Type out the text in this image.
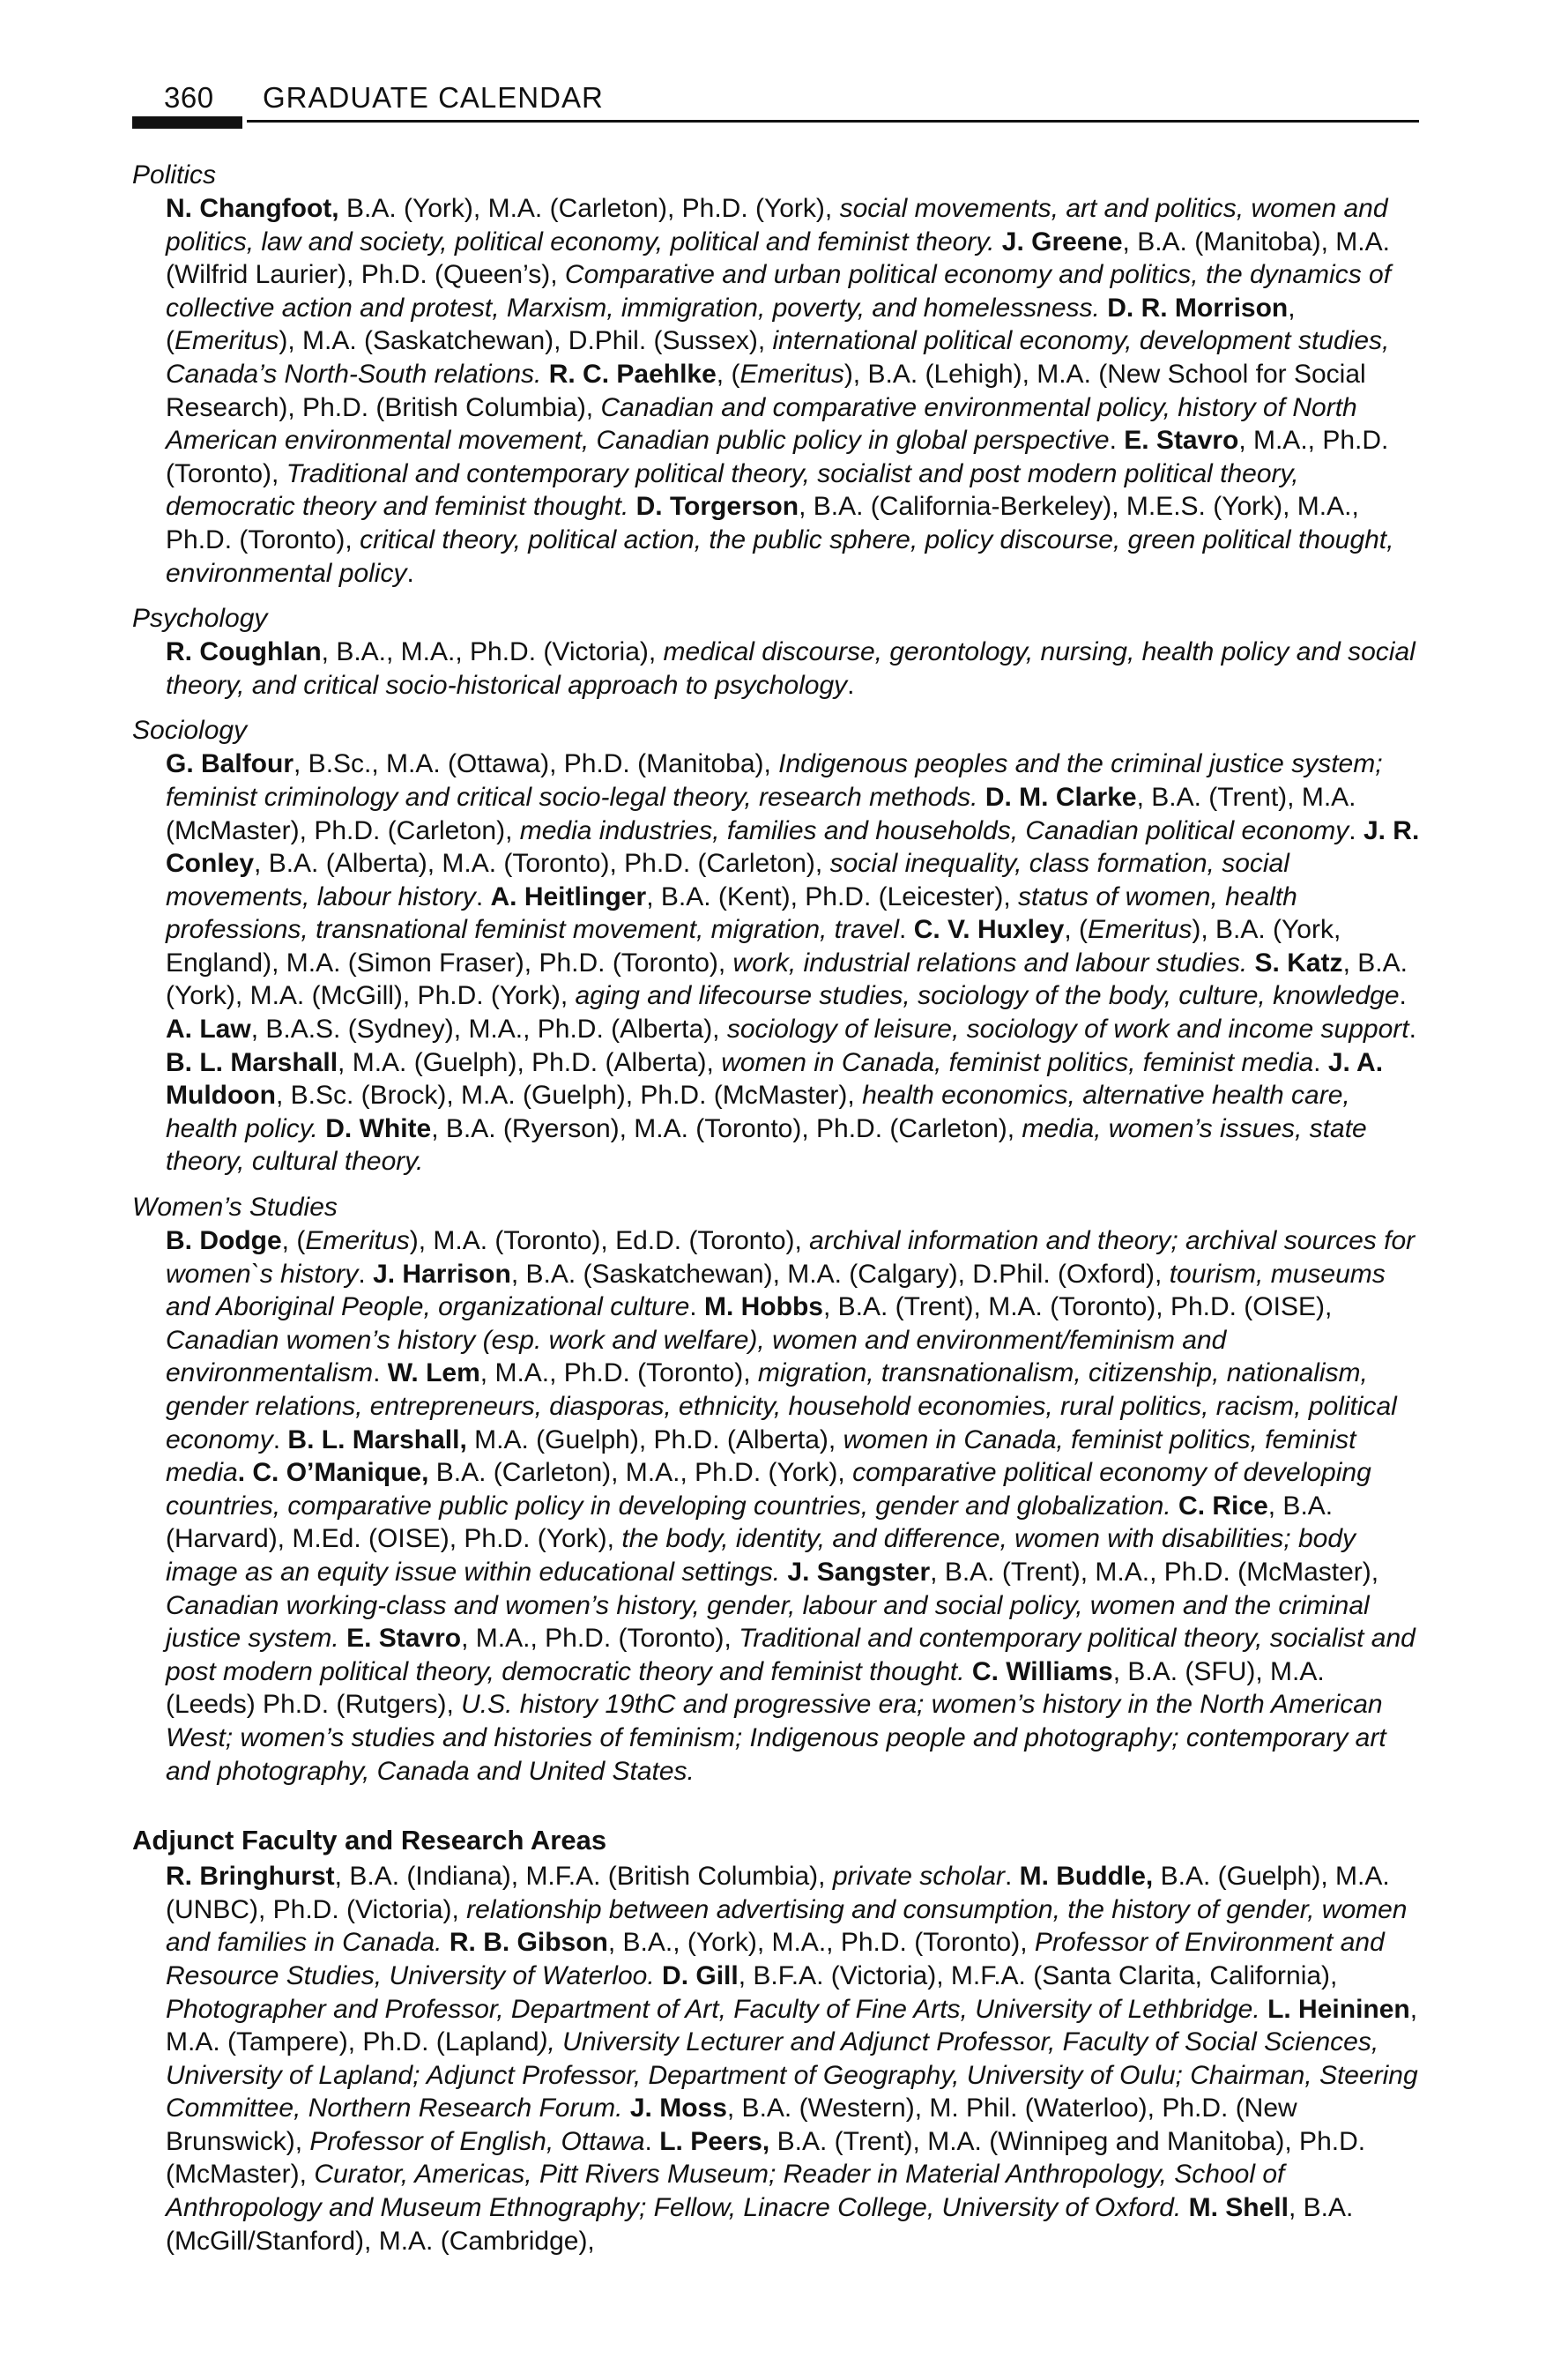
360 GRADUATE CALENDAR
Politics
N. Changfoot, B.A. (York), M.A. (Carleton), Ph.D. (York), social movements, art and politics, women and politics, law and society, political economy, political and feminist theory. J. Greene, B.A. (Manitoba), M.A. (Wilfrid Laurier), Ph.D. (Queen’s), Comparative and urban political economy and politics, the dynamics of collective action and protest, Marxism, immigration, poverty, and homelessness. D. R. Morrison, (Emeritus), M.A. (Saskatchewan), D.Phil. (Sussex), international political economy, development studies, Canada’s North-South relations. R. C. Paehlke, (Emeritus), B.A. (Lehigh), M.A. (New School for Social Research), Ph.D. (British Columbia), Canadian and comparative environmental policy, history of North American environmental movement, Canadian public policy in global perspective. E. Stavro, M.A., Ph.D. (Toronto), Traditional and contemporary political theory, socialist and post modern political theory, democratic theory and feminist thought. D. Torgerson, B.A. (California-Berkeley), M.E.S. (York), M.A., Ph.D. (Toronto), critical theory, political action, the public sphere, policy discourse, green political thought, environmental policy.
Psychology
R. Coughlan, B.A., M.A., Ph.D. (Victoria), medical discourse, gerontology, nursing, health policy and social theory, and critical socio-historical approach to psychology.
Sociology
G. Balfour, B.Sc., M.A. (Ottawa), Ph.D. (Manitoba), Indigenous peoples and the criminal justice system; feminist criminology and critical socio-legal theory, research methods. D. M. Clarke, B.A. (Trent), M.A. (McMaster), Ph.D. (Carleton), media industries, families and households, Canadian political economy. J. R. Conley, B.A. (Alberta), M.A. (Toronto), Ph.D. (Carleton), social inequality, class formation, social movements, labour history. A. Heitlinger, B.A. (Kent), Ph.D. (Leicester), status of women, health professions, transnational feminist movement, migration, travel. C. V. Huxley, (Emeritus), B.A. (York, England), M.A. (Simon Fraser), Ph.D. (Toronto), work, industrial relations and labour studies. S. Katz, B.A. (York), M.A. (McGill), Ph.D. (York), aging and lifecourse studies, sociology of the body, culture, knowledge. A. Law, B.A.S. (Sydney), M.A., Ph.D. (Alberta), sociology of leisure, sociology of work and income support. B. L. Marshall, M.A. (Guelph), Ph.D. (Alberta), women in Canada, feminist politics, feminist media. J. A. Muldoon, B.Sc. (Brock), M.A. (Guelph), Ph.D. (McMaster), health economics, alternative health care, health policy. D. White, B.A. (Ryerson), M.A. (Toronto), Ph.D. (Carleton), media, women’s issues, state theory, cultural theory.
Women’s Studies
B. Dodge, (Emeritus), M.A. (Toronto), Ed.D. (Toronto), archival information and theory; archival sources for women`s history. J. Harrison, B.A. (Saskatchewan), M.A. (Calgary), D.Phil. (Oxford), tourism, museums and Aboriginal People, organizational culture. M. Hobbs, B.A. (Trent), M.A. (Toronto), Ph.D. (OISE), Canadian women’s history (esp. work and welfare), women and environment/feminism and environmentalism. W. Lem, M.A., Ph.D. (Toronto), migration, transnationalism, citizenship, nationalism, gender relations, entrepreneurs, diasporas, ethnicity, household economies, rural politics, racism, political economy. B. L. Marshall, M.A. (Guelph), Ph.D. (Alberta), women in Canada, feminist politics, feminist media. C. O’Manique, B.A. (Carleton), M.A., Ph.D. (York), comparative political economy of developing countries, comparative public policy in developing countries, gender and globalization. C. Rice, B.A. (Harvard), M.Ed. (OISE), Ph.D. (York), the body, identity, and difference, women with disabilities; body image as an equity issue within educational settings. J. Sangster, B.A. (Trent), M.A., Ph.D. (McMaster), Canadian working-class and women’s history, gender, labour and social policy, women and the criminal justice system. E. Stavro, M.A., Ph.D. (Toronto), Traditional and contemporary political theory, socialist and post modern political theory, democratic theory and feminist thought. C. Williams, B.A. (SFU), M.A. (Leeds) Ph.D. (Rutgers), U.S. history 19thC and progressive era; women’s history in the North American West; women’s studies and histories of feminism; Indigenous people and photography; contemporary art and photography, Canada and United States.
Adjunct Faculty and Research Areas
R. Bringhurst, B.A. (Indiana), M.F.A. (British Columbia), private scholar. M. Buddle, B.A. (Guelph), M.A. (UNBC), Ph.D. (Victoria), relationship between advertising and consumption, the history of gender, women and families in Canada. R. B. Gibson, B.A., (York), M.A., Ph.D. (Toronto), Professor of Environment and Resource Studies, University of Waterloo. D. Gill, B.F.A. (Victoria), M.F.A. (Santa Clarita, California), Photographer and Professor, Department of Art, Faculty of Fine Arts, University of Lethbridge. L. Heininen, M.A. (Tampere), Ph.D. (Lapland), University Lecturer and Adjunct Professor, Faculty of Social Sciences, University of Lapland; Adjunct Professor, Department of Geography, University of Oulu; Chairman, Steering Committee, Northern Research Forum. J. Moss, B.A. (Western), M. Phil. (Waterloo), Ph.D. (New Brunswick), Professor of English, Ottawa. L. Peers, B.A. (Trent), M.A. (Winnipeg and Manitoba), Ph.D. (McMaster), Curator, Americas, Pitt Rivers Museum; Reader in Material Anthropology, School of Anthropology and Museum Ethnography; Fellow, Linacre College, University of Oxford. M. Shell, B.A. (McGill/Stanford), M.A. (Cambridge),
